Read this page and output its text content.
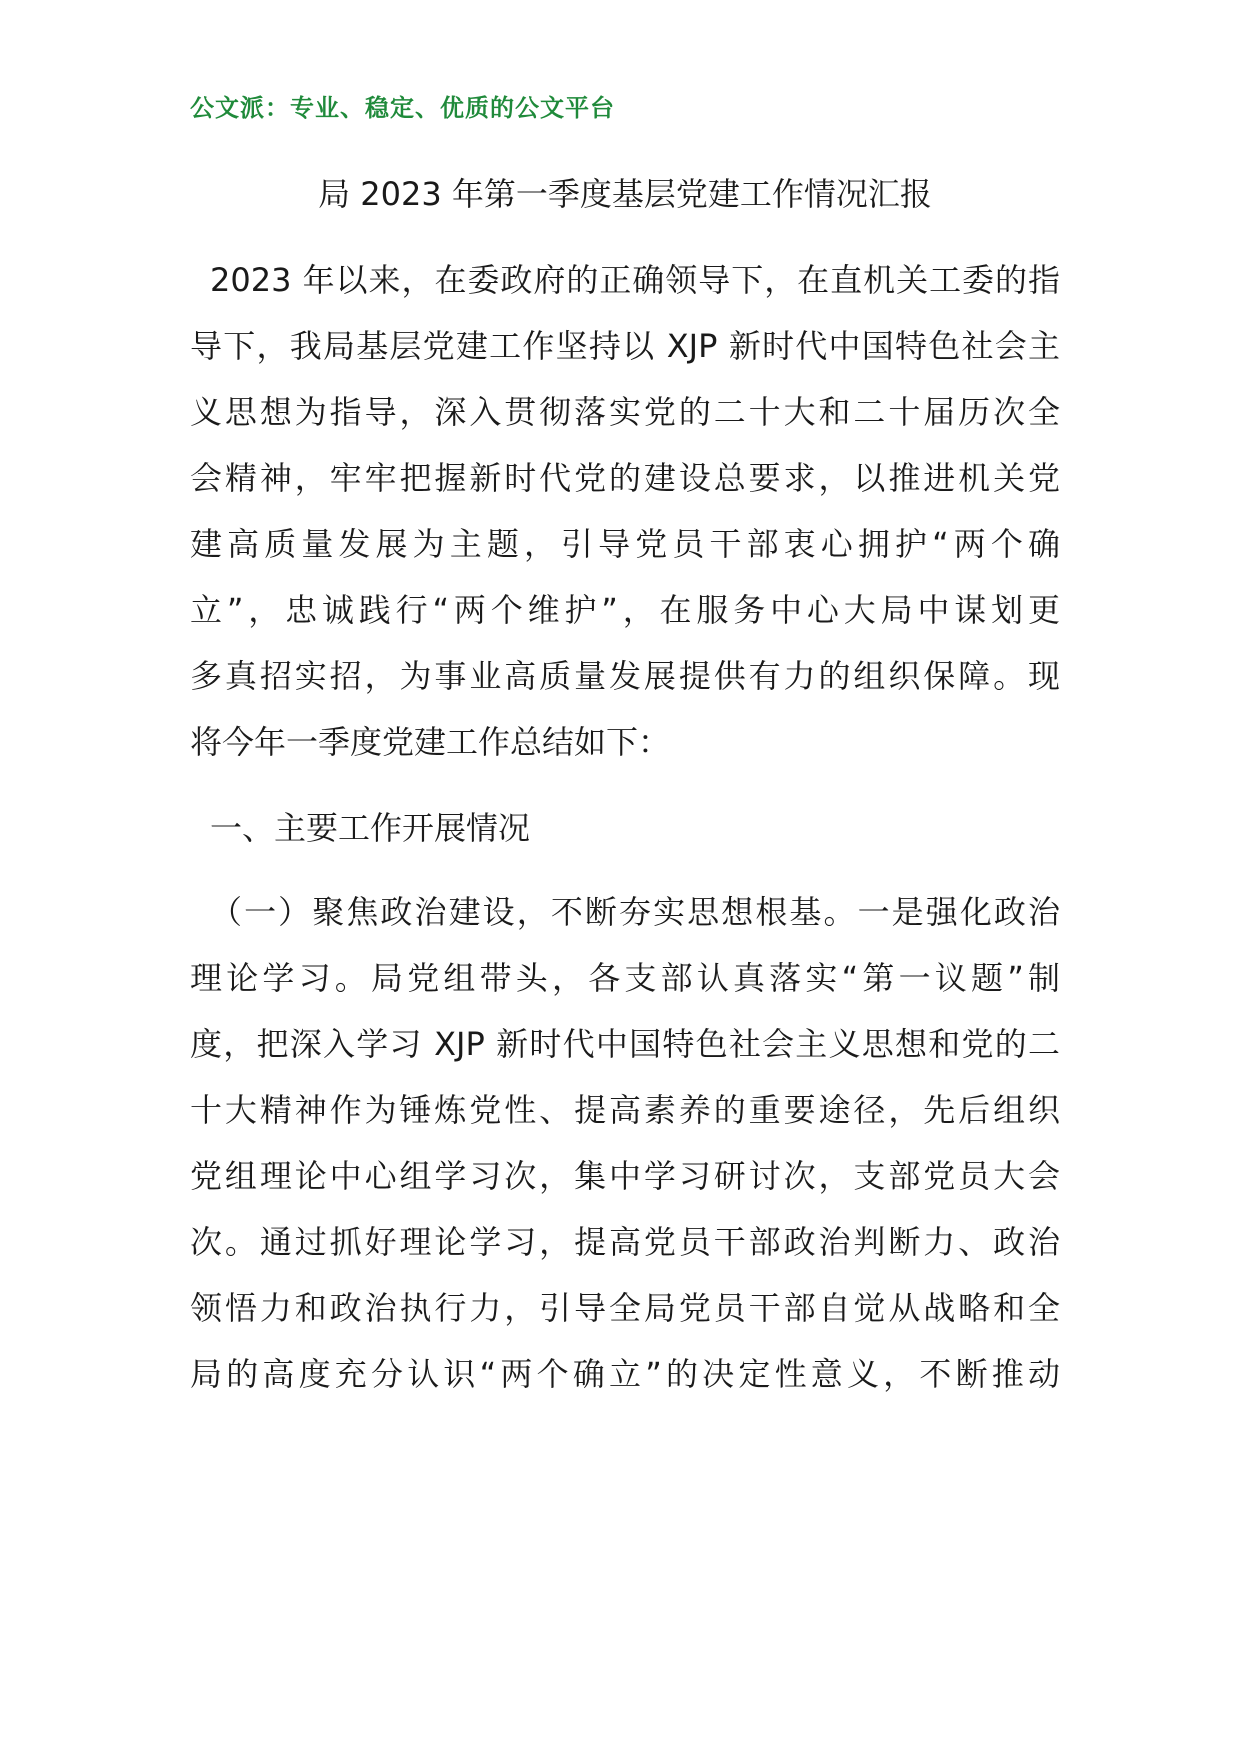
公文派：专业、稳定、优质的公文平台
局 2023 年第一季度基层党建工作情况汇报
2023 年以来，在委政府的正确领导下，在直机关工委的指
导下，我局基层党建工作坚持以 XJP 新时代中国特色社会主
义思想为指导，深入贯彻落实党的二十大和二十届历次全
会精神，牢牢把握新时代党的建设总要求，以推进机关党
建高质量发展为主题，引导党员干部衷心拥护“两个确
立”，忠诚践行“两个维护”，在服务中心大局中谋划更
多真招实招，为事业高质量发展提供有力的组织保障。现
将今年一季度党建工作总结如下：
一、主要工作开展情况
（一）聚焦政治建设，不断夯实思想根基。一是强化政治
理论学习。局党组带头，各支部认真落实“第一议题”制
度，把深入学习 XJP 新时代中国特色社会主义思想和党的二
十大精神作为锤炼党性、提高素养的重要途径，先后组织
党组理论中心组学习次，集中学习研讨次，支部党员大会
次。通过抓好理论学习，提高党员干部政治判断力、政治
领悟力和政治执行力，引导全局党员干部自觉从战略和全
局的高度充分认识“两个确立”的决定性意义，不断推动
